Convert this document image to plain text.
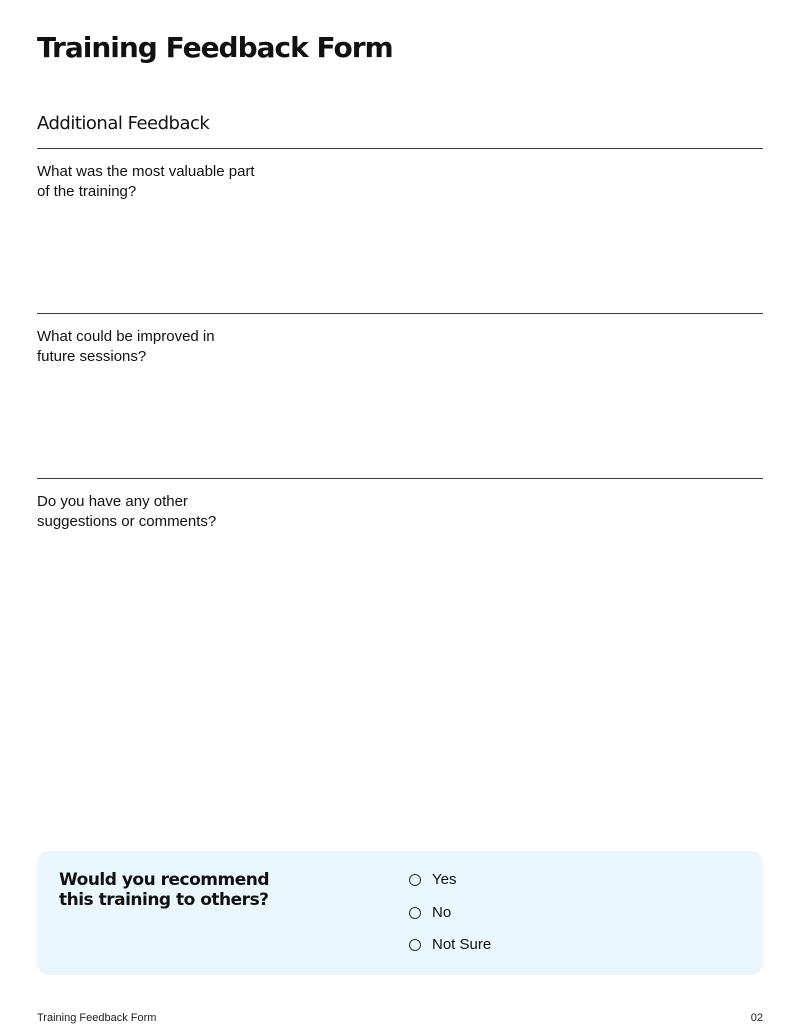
Training Feedback Form
Additional Feedback

What was the most valuable part
of the training?

What could be improved in
future sessions?

Do you have any other
suggestions or comments?

Would you recommend
this training to others?

Yes
No
Not Sure
Training Feedback Form	02
